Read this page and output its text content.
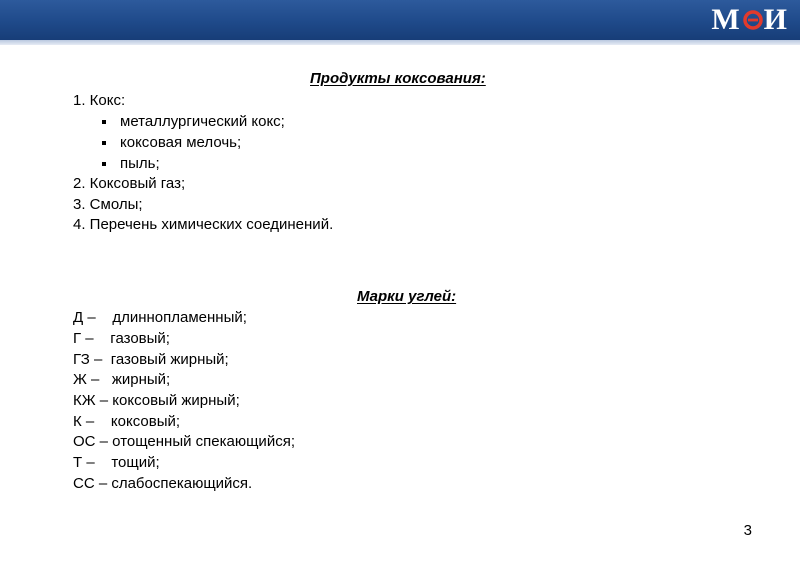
М И
Продукты коксования:
1. Кокс:
металлургический кокс;
коксовая мелочь;
пыль;
2. Коксовый газ;
3. Смолы;
4. Перечень химических соединений.
Марки углей:
Д –    длиннопламенный;
Г –    газовый;
ГЗ –  газовый жирный;
Ж –   жирный;
КЖ – коксовый жирный;
К –    коксовый;
ОС – отощенный спекающийся;
Т –    тощий;
СС – слабоспекающийся.
3
